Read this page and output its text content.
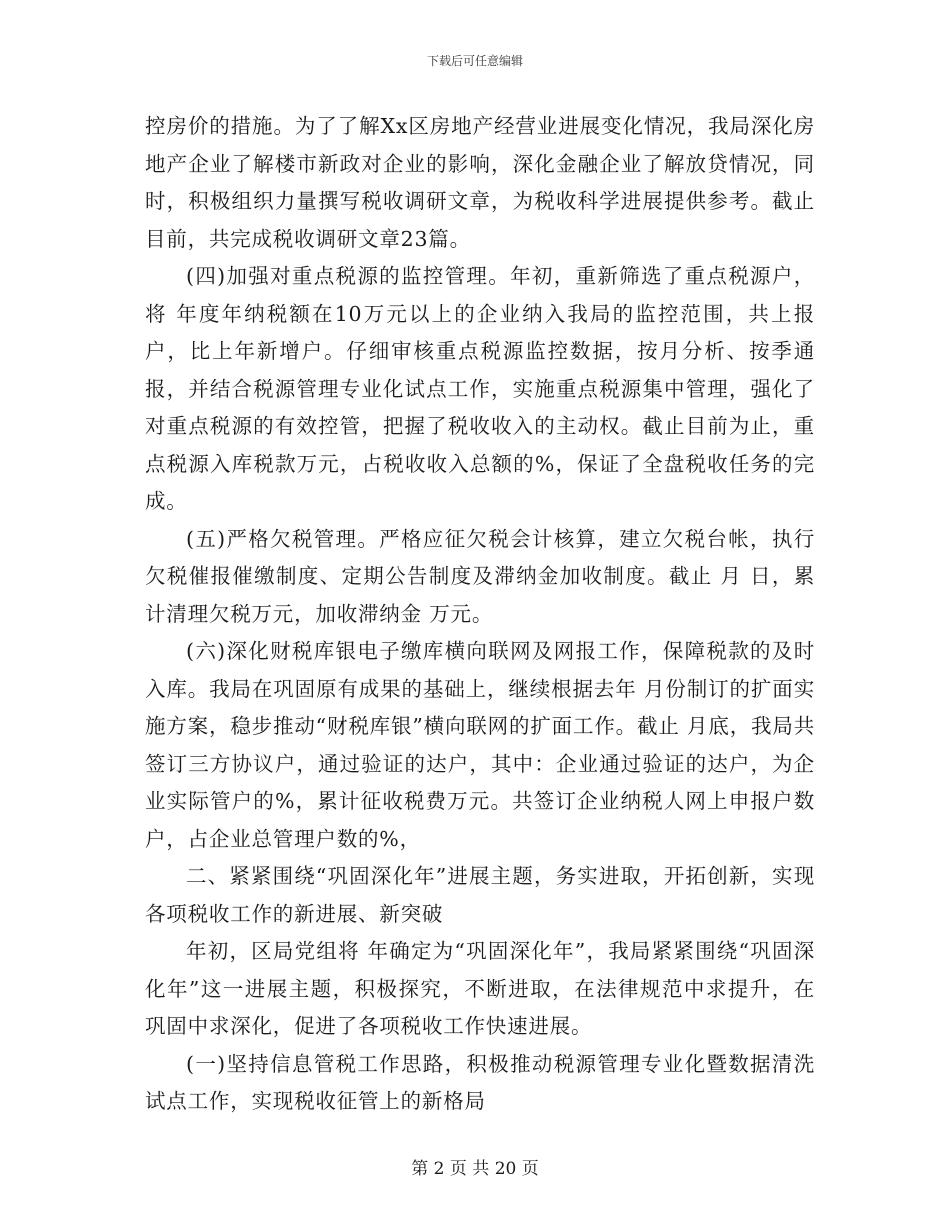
下载后可任意编辑

控房价的措施。为了了解Xx区房地产经营业进展变化情况，我局深化房地产企业了解楼市新政对企业的影响，深化金融企业了解放贷情况，同时，积极组织力量撰写税收调研文章，为税收科学进展提供参考。截止目前，共完成税收调研文章23篇。

(四)加强对重点税源的监控管理。年初，重新筛选了重点税源户，将 年度年纳税额在10万元以上的企业纳入我局的监控范围，共上报 户，比上年新增户。仔细审核重点税源监控数据，按月分析、按季通报，并结合税源管理专业化试点工作，实施重点税源集中管理，强化了对重点税源的有效控管，把握了税收收入的主动权。截止目前为止，重点税源入库税款万元，占税收收入总额的%，保证了全盘税收任务的完成。

(五)严格欠税管理。严格应征欠税会计核算，建立欠税台帐，执行欠税催报催缴制度、定期公告制度及滞纳金加收制度。截止 月 日，累计清理欠税万元，加收滞纳金 万元。

(六)深化财税库银电子缴库横向联网及网报工作，保障税款的及时入库。我局在巩固原有成果的基础上，继续根据去年 月份制订的扩面实施方案，稳步推动“财税库银”横向联网的扩面工作。截止 月底，我局共签订三方协议户，通过验证的达户，其中：企业通过验证的达户，为企业实际管户的%，累计征收税费万元。共签订企业纳税人网上申报户数户，占企业总管理户数的%，

二、紧紧围绕“巩固深化年”进展主题，务实进取，开拓创新，实现各项税收工作的新进展、新突破

年初，区局党组将 年确定为“巩固深化年”，我局紧紧围绕“巩固深化年”这一进展主题，积极探究，不断进取，在法律规范中求提升，在巩固中求深化，促进了各项税收工作快速进展。

(一)坚持信息管税工作思路，积极推动税源管理专业化暨数据清洗试点工作，实现税收征管上的新格局

第 2 页 共 20 页
